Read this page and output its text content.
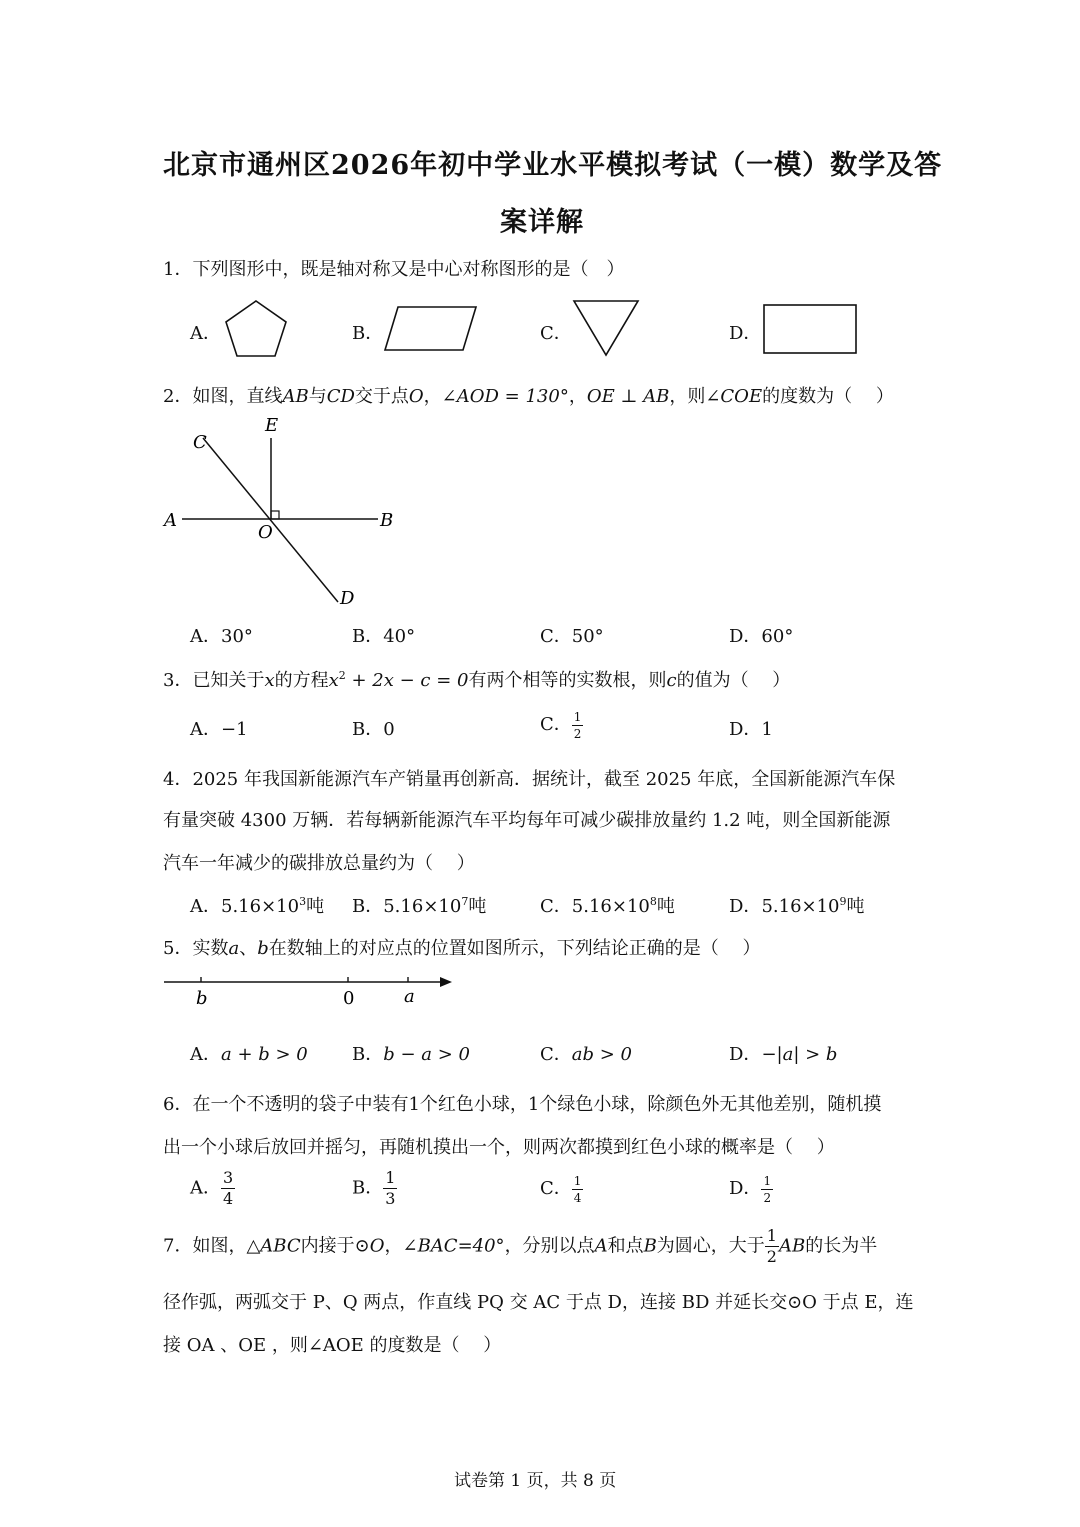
北京市通州区2026年初中学业水平模拟考试（一模）数学及答
案详解
1．下列图形中，既是轴对称又是中心对称图形的是（　）
A．	B．	C．	D．
2．如图，直线AB与CD交于点O，∠AOD = 130°，OE ⊥ AB，则∠COE的度数为（　 ）
C
E
A
O
B
D
A．30°	B．40°	C．50°	D．60°
3．已知关于x的方程$x^2 + 2x - c = 0$有两个相等的实数根，则c的值为（　 ）
A．−1	B．0	C． $\frac{1}{2}$	D．1
4．2025 年我国新能源汽车产销量再创新高．据统计，截至 2025 年底，全国新能源汽车保
有量突破 4300 万辆．若每辆新能源汽车平均每年可减少碳排放量约 1.2 吨，则全国新能源
汽车一年减少的碳排放总量约为（　 ）
A．$5.16\times 10^3$吨 B．$5.16\times 10^7$吨	C．$5.16\times 10^8$吨	D．$5.16\times 10^9$吨
5．实数a、b在数轴上的对应点的位置如图所示，下列结论正确的是（　 ）
b	0	a
A．a + b > 0 B．b − a > 0	C．ab > 0	D．−|a| > b
6．在一个不透明的袋子中装有1个红色小球，1个绿色小球，除颜色外无其他差别，随机摸
出一个小球后放回并摇匀，再随机摸出一个，则两次都摸到红色小球的概率是（　 ）
A． $\frac{3}{4}$	B． $\frac{1}{3}$	C． $\frac{1}{4}$	D． $\frac{1}{2}$
7．如图，△ABC内接于⊙O，∠BAC=40°，分别以点A和点B为圆心，大于 $\frac{1}{2}$ AB的长为半
径作弧，两弧交于 P、Q 两点，作直线 PQ 交 AC 于点 D，连接 BD 并延长交⊙O 于点 E，连
接 OA 、OE ，则∠AOE 的度数是（　 ）
试卷第 1 页，共 8 页
